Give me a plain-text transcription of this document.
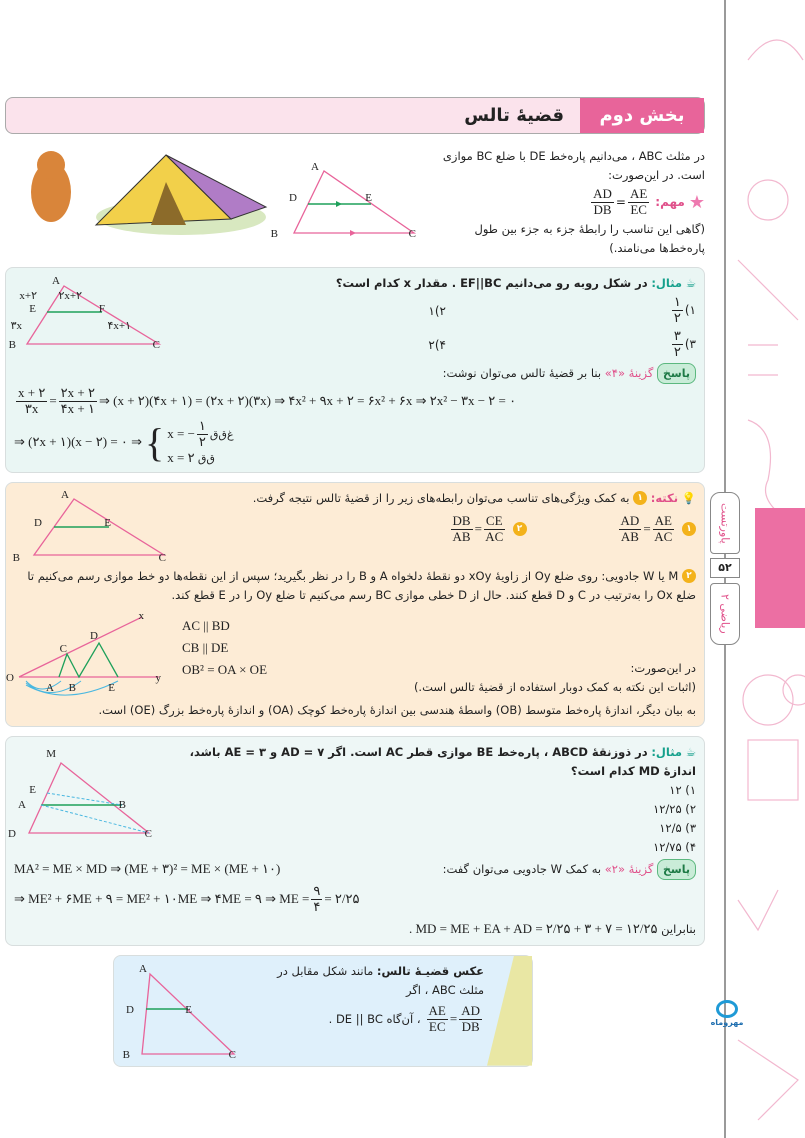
پاورتست
۵۲
ریاضی ۲
مهروماه
بخش دوم
قضیهٔ تالس
در مثلث ABC ، می‌دانیم پاره‌خط DE با ضلع BC موازی است. در این‌صورت:
★
مهم:
$\frac{AD}{DB} = \frac{AE}{EC}$
(گاهی این تناسب را رابطهٔ جزء به جزء بین طول پاره‌خط‌ها می‌نامند.)
A
D	E
B	C
A
E	F
B	C
x+۲ ۲x+۲
۳x	۴x+۱
☕ مثال: در شکل روبه رو می‌دانیم EF||BC . مقدار x کدام است؟
۱)
$\frac{۱}{۲}$
۲)۱
۳)
$\frac{۳}{۲}$
۴)۲
پاسخ گزینهٔ «۴» بنا بر قضیهٔ تالس می‌توان نوشت:
$\frac{x + ۲}{۳x} = \frac{۲x + ۲}{۴x + ۱}$ ⇒ (x + ۲)(۴x + ۱) = (۲x + ۲)(۳x) ⇒ ۴x² + ۹x + ۲ = ۶x² + ۶x ⇒ ۲x² − ۳x − ۲ = ۰
⇒ (۲x + ۱)(x − ۲) = ۰ ⇒ { x = − $\frac{۱}{۲}$ غ‌ق‌ق
x = ۲ ق‌ق
A
D	E
B	C
💡 نکته: ١ به کمک ویژگی‌های تناسب می‌توان رابطه‌های زیر را از قضیهٔ تالس نتیجه گرفت.
۱
$\frac{AD}{AB} = \frac{AE}{AC}$
۲
$\frac{DB}{AB} = \frac{CE}{AC}$
۲ M یا W جادویی: روی ضلع Oy از زاویهٔ xOy دو نقطهٔ دلخواه A و B را در نظر بگیرید؛ سپس از این نقطه‌ها دو خط موازی رسم می‌کنیم تا ضلع Ox را به‌ترتیب در C و D قطع کنند. حال از D خطی موازی BC رسم می‌کنیم تا ضلع Oy را در E قطع کند.
O
A B	E
C
D
x
y
AC || BD
CB || DE
OB² = OA × OE	در این‌صورت:
(اثبات این نکته به کمک دوبار استفاده از قضیهٔ تالس است.)
به بیان دیگر، اندازهٔ پاره‌خط متوسط (OB) واسطهٔ هندسی بین اندازهٔ پاره‌خط کوچک (OA) و اندازهٔ پاره‌خط بزرگ (OE) است.
M
E
A	B
D	C
☕ مثال: در ذوزنقهٔ ABCD ، پاره‌خط BE موازی قطر AC است. اگر AD = ۷ و AE = ۳ باشد، اندازهٔ MD کدام است؟
۱) ۱۲
۲) ۱۲/۲۵
۳) ۱۲/۵
۴) ۱۲/۷۵
پاسخ گزینهٔ «۲» به کمک W جادویی می‌توان گفت:
MA² = ME × MD ⇒ (ME + ۳)² = ME × (ME + ۱۰)
⇒ ME² + ۶ME + ۹ = ME² + ۱۰ME ⇒ ۴ME = ۹ ⇒ ME = $\frac{۹}{۴}$ = ۲/۲۵
بنابراین MD = ME + EA + AD = ۲/۲۵ + ۳ + ۷ = ۱۲/۲۵ .
A
D	E
B	C
عکس قضیـهٔ تالس: مانند شکل مقابل در مثلث ABC ، اگر
$\frac{AE}{EC} = \frac{AD}{DB}$
، آن‌گاه DE || BC .
